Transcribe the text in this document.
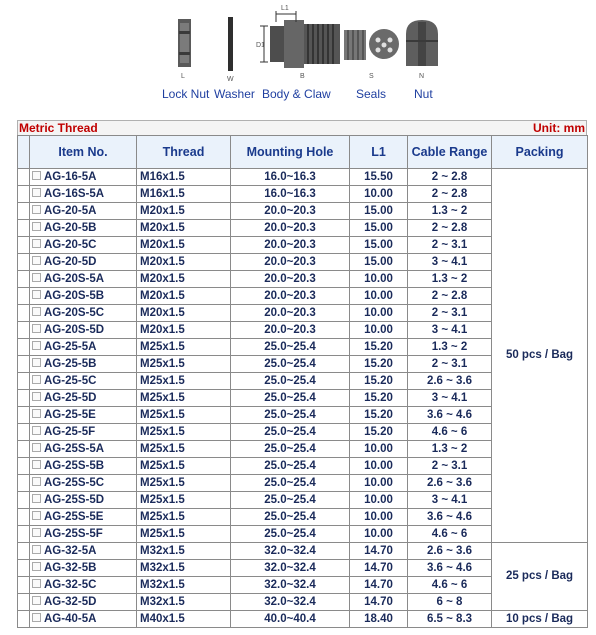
L	W	B	S	N
L1
D1
Lock Nut Washer Body & Claw Seals Nut
Metric Thread	Unit: mm
	Item No.	Thread	Mounting Hole	L1	Cable Range	Packing
	AG-16-5A	M16x1.5	16.0~16.3	15.50	2 ~ 2.8	50 pcs / Bag
	AG-16S-5A	M16x1.5	16.0~16.3	10.00	2 ~ 2.8	
	AG-20-5A	M20x1.5	20.0~20.3	15.00	1.3 ~ 2	
	AG-20-5B	M20x1.5	20.0~20.3	15.00	2 ~ 2.8	
	AG-20-5C	M20x1.5	20.0~20.3	15.00	2 ~ 3.1	
	AG-20-5D	M20x1.5	20.0~20.3	15.00	3 ~ 4.1	
	AG-20S-5A	M20x1.5	20.0~20.3	10.00	1.3 ~ 2	
	AG-20S-5B	M20x1.5	20.0~20.3	10.00	2 ~ 2.8	
	AG-20S-5C	M20x1.5	20.0~20.3	10.00	2 ~ 3.1	
	AG-20S-5D	M20x1.5	20.0~20.3	10.00	3 ~ 4.1	
	AG-25-5A	M25x1.5	25.0~25.4	15.20	1.3 ~ 2	
	AG-25-5B	M25x1.5	25.0~25.4	15.20	2 ~ 3.1	
	AG-25-5C	M25x1.5	25.0~25.4	15.20	2.6 ~ 3.6	
	AG-25-5D	M25x1.5	25.0~25.4	15.20	3 ~ 4.1	
	AG-25-5E	M25x1.5	25.0~25.4	15.20	3.6 ~ 4.6	
	AG-25-5F	M25x1.5	25.0~25.4	15.20	4.6 ~ 6	
	AG-25S-5A	M25x1.5	25.0~25.4	10.00	1.3 ~ 2	
	AG-25S-5B	M25x1.5	25.0~25.4	10.00	2 ~ 3.1	
	AG-25S-5C	M25x1.5	25.0~25.4	10.00	2.6 ~ 3.6	
	AG-25S-5D	M25x1.5	25.0~25.4	10.00	3 ~ 4.1	
	AG-25S-5E	M25x1.5	25.0~25.4	10.00	3.6 ~ 4.6	
	AG-25S-5F	M25x1.5	25.0~25.4	10.00	4.6 ~ 6	
	AG-32-5A	M32x1.5	32.0~32.4	14.70	2.6 ~ 3.6	25 pcs / Bag
	AG-32-5B	M32x1.5	32.0~32.4	14.70	3.6 ~ 4.6	
	AG-32-5C	M32x1.5	32.0~32.4	14.70	4.6 ~ 6	
	AG-32-5D	M32x1.5	32.0~32.4	14.70	6 ~ 8	
	AG-40-5A	M40x1.5	40.0~40.4	18.40	6.5 ~ 8.3	10 pcs / Bag
